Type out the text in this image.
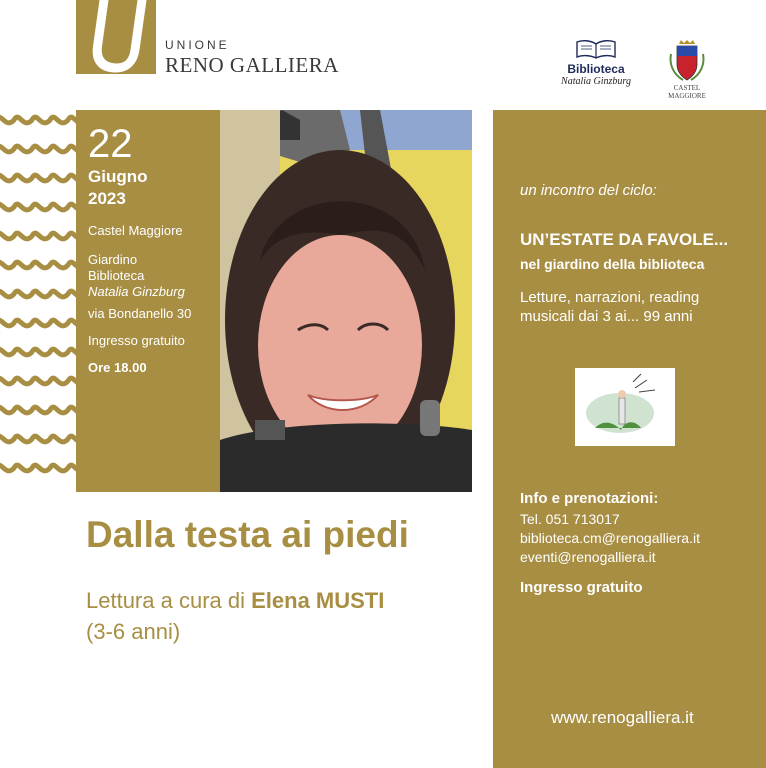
UNIONE
RENO GALLIERA	Biblioteca
Natalia Ginzburg
CASTEL
MAGGIORE
22
Giugno
2023
Castel Maggiore
Giardino
Biblioteca
Natalia Ginzburg
via Bondanello 30
Ingresso gratuito
Ore 18.00
un incontro del ciclo:
UN’ESTATE DA FAVOLE...
nel giardino della biblioteca
Letture, narrazioni, reading
musicali dai 3 ai... 99 anni
Info e prenotazioni:
Tel. 051 713017
biblioteca.cm@renogalliera.it
eventi@renogalliera.it
Ingresso gratuito
www.renogalliera.it
Dalla testa ai piedi
Lettura a cura di Elena MUSTI
(3-6 anni)
